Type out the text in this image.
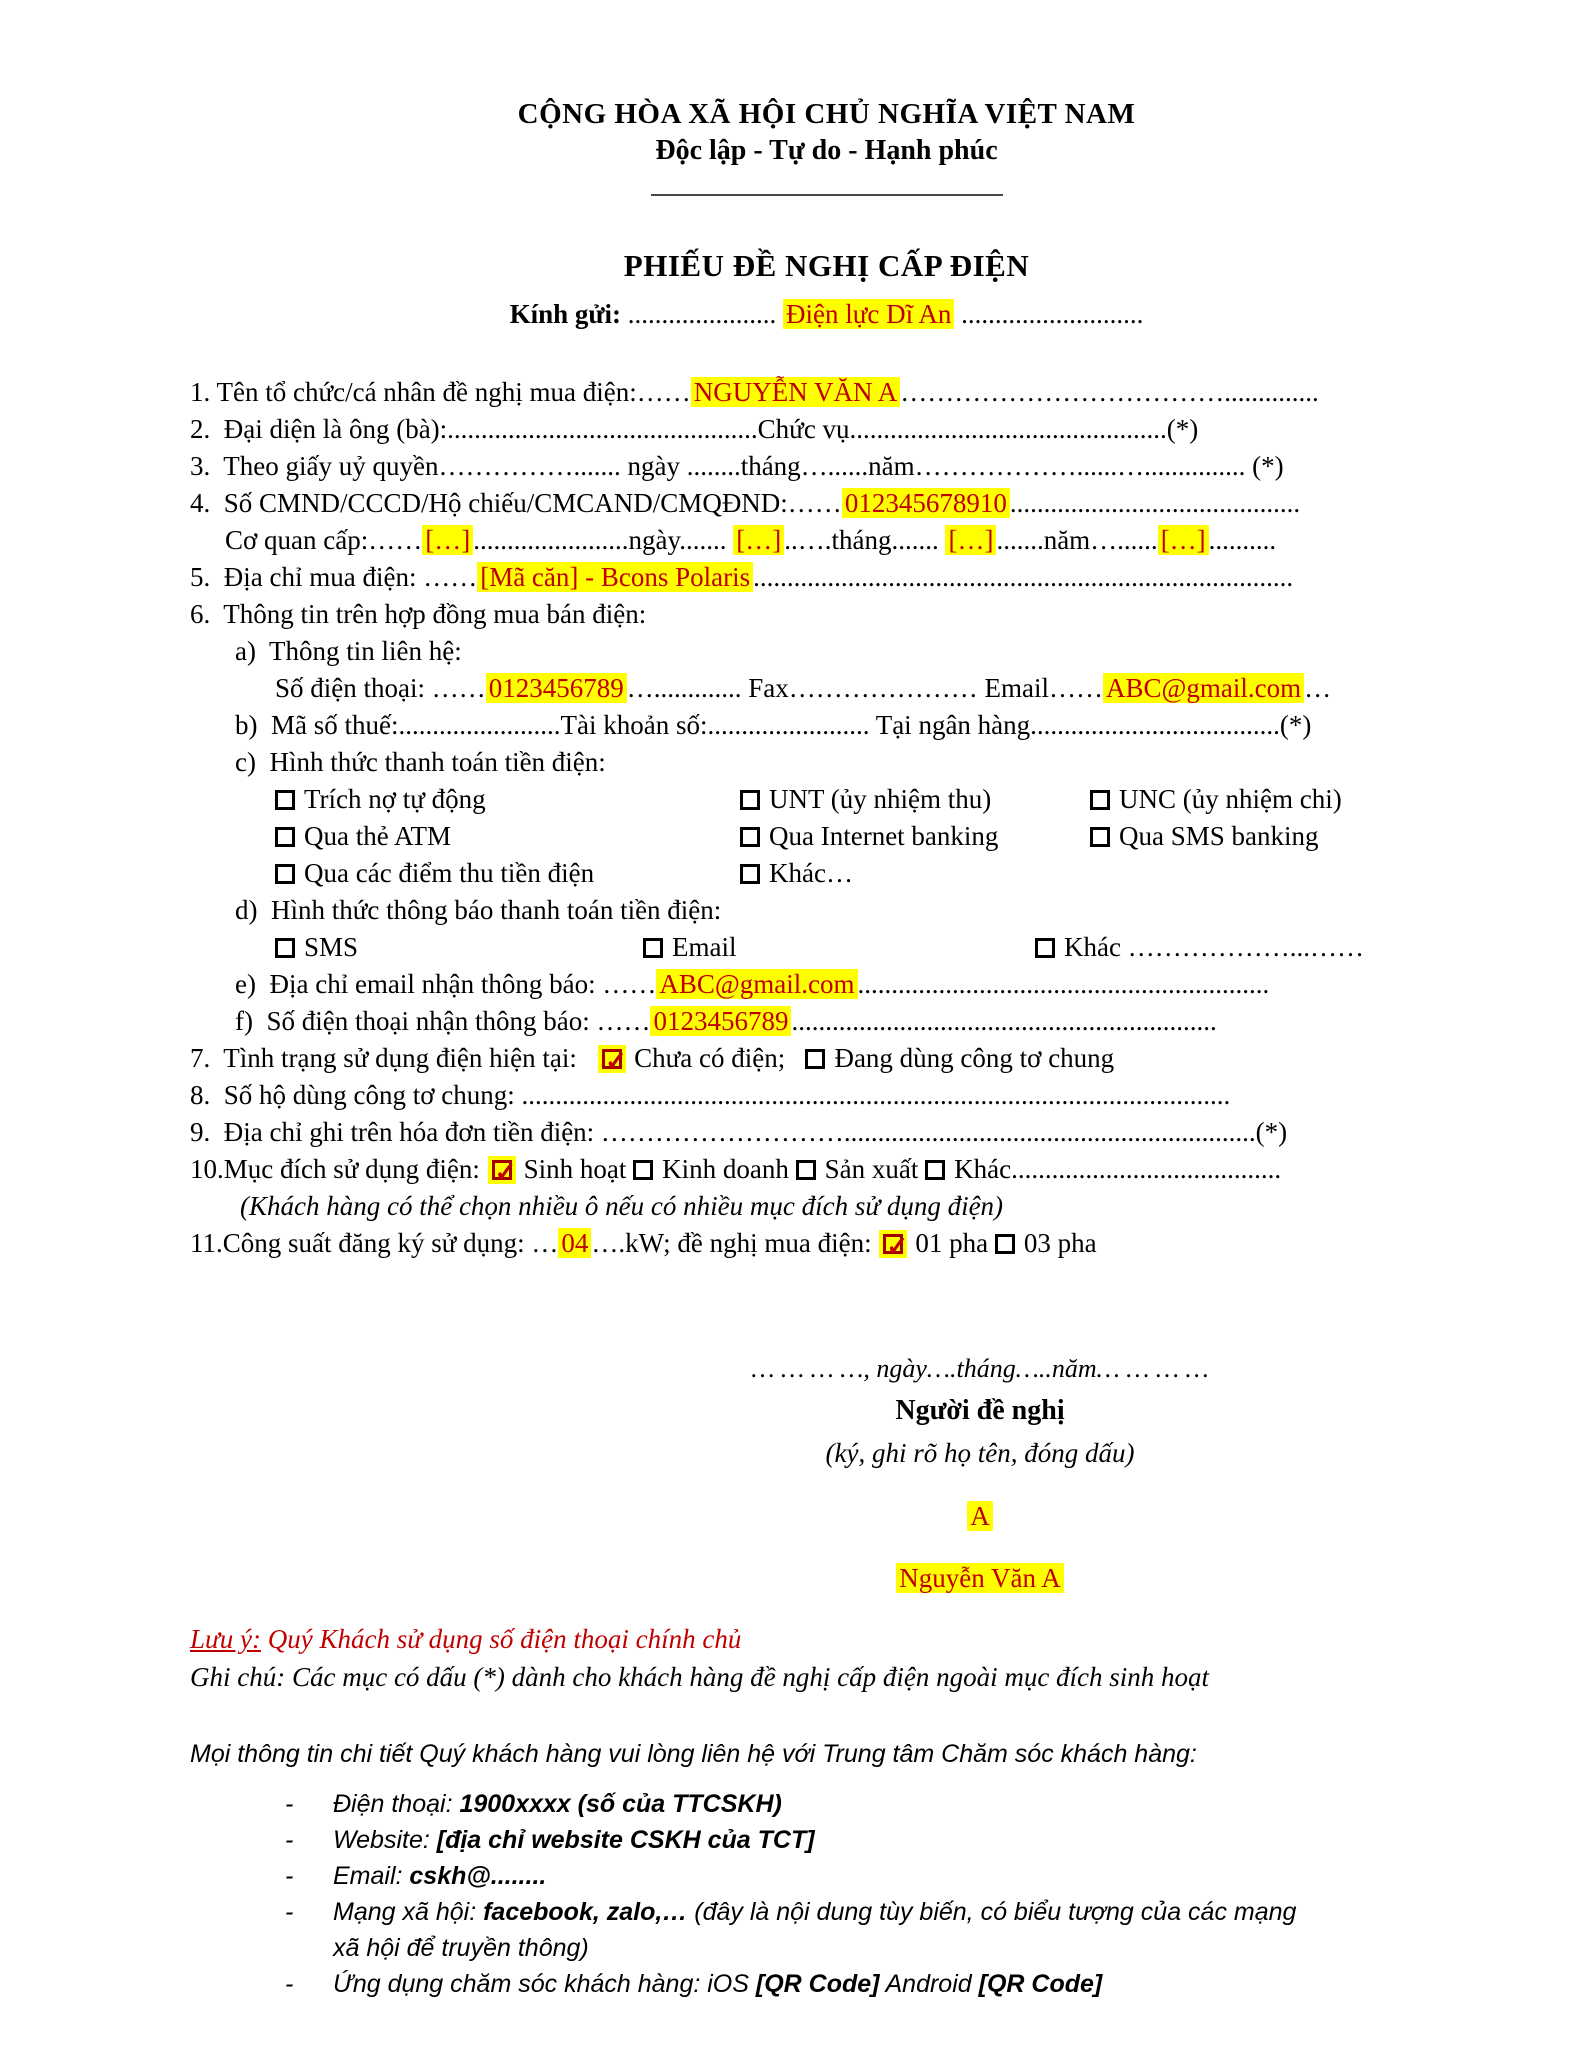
CỘNG HÒA XÃ HỘI CHỦ NGHĨA VIỆT NAM
Độc lập - Tự do - Hạnh phúc
PHIẾU ĐỀ NGHỊ CẤP ĐIỆN
Kính gửi: ...................... Điện lực Dĩ An ...........................
1. Tên tổ chức/cá nhân đề nghị mua điện:…… NGUYỄN VĂN A ………………………………..............
2.  Đại diện là ông (bà):..............................................Chức vụ...............................................(*)
3.  Theo giấy uỷ quyền……………....... ngày ........tháng…......năm………………......…............... (*)
4.  Số CMND/CCCD/Hộ chiếu/CMCAND/CMQĐND:…… 012345678910 ...........................................
Cơ quan cấp:…… […] .......................ngày....... […] ..….tháng....... […] .......năm…...... […] ..........
5.  Địa chỉ mua điện: …… [Mã căn] - Bcons Polaris ................................................................................
6.  Thông tin trên hợp đồng mua bán điện:
a)  Thông tin liên hệ:
Số điện thoại: …… 0123456789 …............. Fax………………… Email…… ABC@gmail.com …
b)  Mã số thuế:........................Tài khoản số:........................ Tại ngân hàng.....................................(*)
c)  Hình thức thanh toán tiền điện:
Trích nợ tự động	UNT (ủy nhiệm thu)	UNC (ủy nhiệm chi)
Qua thẻ ATM	Qua Internet banking	Qua SMS banking
Qua các điểm thu tiền điện	Khác…
d)  Hình thức thông báo thanh toán tiền điện:
SMS	Email	Khác ………………...……
e)  Địa chỉ email nhận thông báo: …… ABC@gmail.com .............................................................
f)  Số điện thoại nhận thông báo: …… 0123456789 ...............................................................
7.  Tình trạng sử dụng điện hiện tại:   ✓Chưa có điện;   Đang dùng công tơ chung
8.  Số hộ dùng công tơ chung: .........................................................................................................
9.  Địa chỉ ghi trên hóa đơn tiền điện: ……………………….............................................................(*)
10.Mục đích sử dụng điện: ✓Sinh hoạt Kinh doanh Sản xuất Khác........................................
(Khách hàng có thể chọn nhiều ô nếu có nhiều mục đích sử dụng điện)
11.Công suất đăng ký sử dụng: … 04 ….kW; đề nghị mua điện: ✓01 pha 03 pha
… … … …, ngày….tháng…..năm… … … …
Người đề nghị
(ký, ghi rõ họ tên, đóng dấu)
A
Nguyễn Văn A
Lưu ý: Quý Khách sử dụng số điện thoại chính chủ
Ghi chú: Các mục có dấu (*) dành cho khách hàng đề nghị cấp điện ngoài mục đích sinh hoạt
Mọi thông tin chi tiết Quý khách hàng vui lòng liên hệ với Trung tâm Chăm sóc khách hàng:
-	Điện thoại: 1900xxxx (số của TTCSKH)
-	Website: [địa chỉ website CSKH của TCT]
-	Email: cskh@........
-	Mạng xã hội: facebook, zalo,… (đây là nội dung tùy biến, có biểu tượng của các mạng xã hội để truyền thông)
-	Ứng dụng chăm sóc khách hàng: iOS [QR Code] Android [QR Code]
